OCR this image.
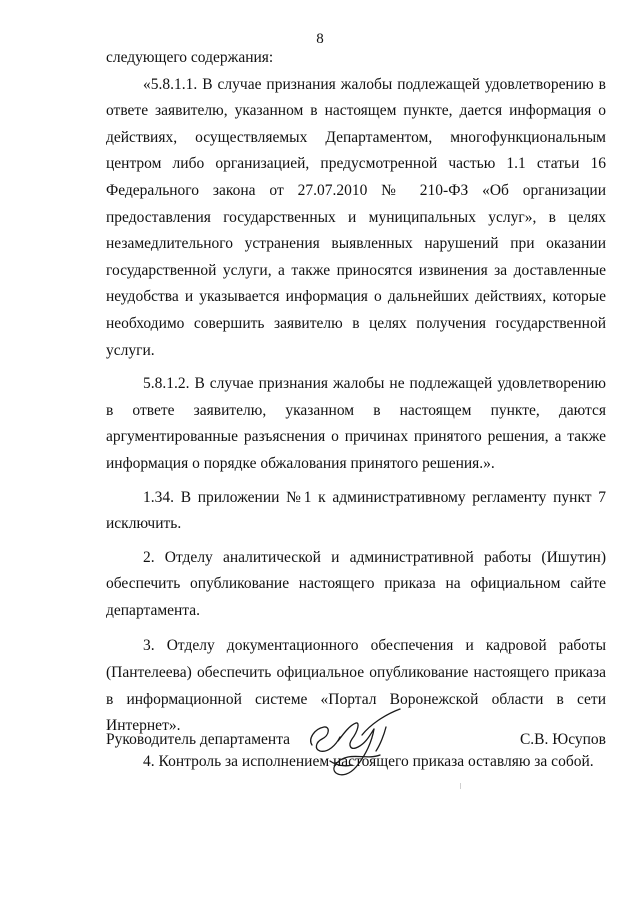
8

следующего содержания:

«5.8.1.1. В случае признания жалобы подлежащей удовлетворению в ответе заявителю, указанном в настоящем пункте, дается информация о действиях, осуществляемых Департаментом, многофункциональным центром либо организацией, предусмотренной частью 1.1 статьи 16 Федерального закона от 27.07.2010 № 210-ФЗ «Об организации предоставления государственных и муниципальных услуг», в целях незамедлительного устранения выявленных нарушений при оказании государственной услуги, а также приносятся извинения за доставленные неудобства и указывается информация о дальнейших действиях, которые необходимо совершить заявителю в целях получения государственной услуги.

5.8.1.2. В случае признания жалобы не подлежащей удовлетворению в ответе заявителю, указанном в настоящем пункте, даются аргументированные разъяснения о причинах принятого решения, а также информация о порядке обжалования принятого решения.».

1.34. В приложении №1 к административному регламенту пункт 7 исключить.

2. Отделу аналитической и административной работы (Ишутин) обеспечить опубликование настоящего приказа на официальном сайте департамента.

3. Отделу документационного обеспечения и кадровой работы (Пантелеева) обеспечить официальное опубликование настоящего приказа в информационной системе «Портал Воронежской области в сети Интернет».

4. Контроль за исполнением настоящего приказа оставляю за собой.

Руководитель департамента	С.В. Юсупов
